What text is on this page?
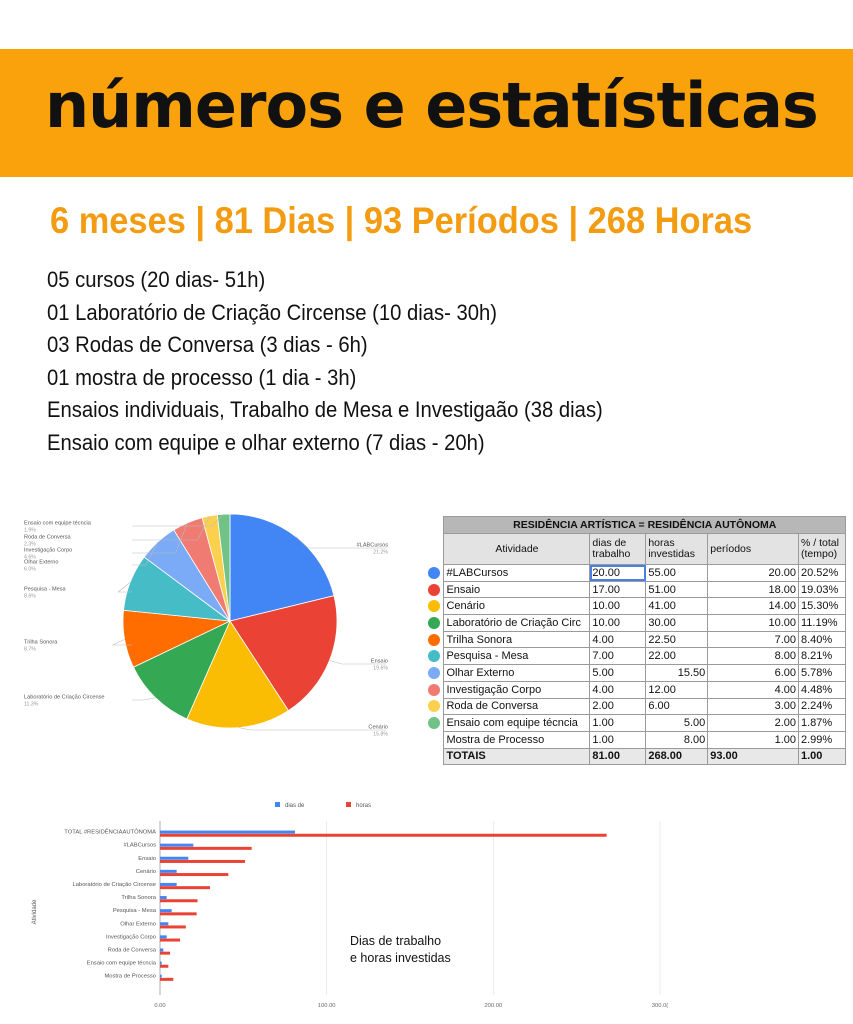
números e estatísticas
6 meses | 81 Dias | 93 Períodos | 268 Horas
05 cursos (20 dias- 51h)
01 Laboratório de Criação Circense (10 dias- 30h)
03 Rodas de Conversa (3 dias - 6h)
01 mostra de processo (1 dia - 3h)
Ensaios individuais, Trabalho de Mesa e Investigaão (38 dias)
Ensaio com equipe e olhar externo (7 dias - 20h)
#LABCursos
21.2%
Ensaio
19.6%
Cenário
15.8%
Laboratório de Criação Circense
11.3%
Trilha Sonora
8.7%
Pesquisa - Mesa
8.6%
Olhar Externo
6.0%
Investigação Corpo
4.6%
Roda de Conversa
2.3%
Ensaio com equipe técncia
1.9%
		RESIDÊNCIA ARTÍSTICA = RESIDÊNCIA AUTÔNOMA				
	Atividade	dias de trabalho	horas investidas	períodos	% / total (tempo)
	#LABCursos	20.00	55.00	20.00	20.52%
	Ensaio	17.00	51.00	18.00	19.03%
	Cenário	10.00	41.00	14.00	15.30%
	Laboratório de Criação Circ	10.00	30.00	10.00	11.19%
	Trilha Sonora	4.00	22.50	7.00	8.40%
	Pesquisa - Mesa	7.00	22.00	8.00	8.21%
	Olhar Externo	5.00	15.50	6.00	5.78%
	Investigação Corpo	4.00	12.00	4.00	4.48%
	Roda de Conversa	2.00	6.00	3.00	2.24%
	Ensaio com equipe técncia	1.00	5.00	2.00	1.87%
	Mostra de Processo	1.00	8.00	1.00	2.99%
	TOTAIS	81.00	268.00	93.00	1.00
dias de	horas
0.00	100.00	200.00	300.0(
Atividade
TOTAL #RESIDÊNCIAAUTÔNOMA
#LABCursos
Ensaio
Cenário
Laboratório de Criação Circense
Trilha Sonora
Pesquisa - Mesa
Olhar Externo
Investigação Corpo
Roda de Conversa
Ensaio com equipe técncia
Mostra de Processo
Dias de trabalho
e horas investidas
